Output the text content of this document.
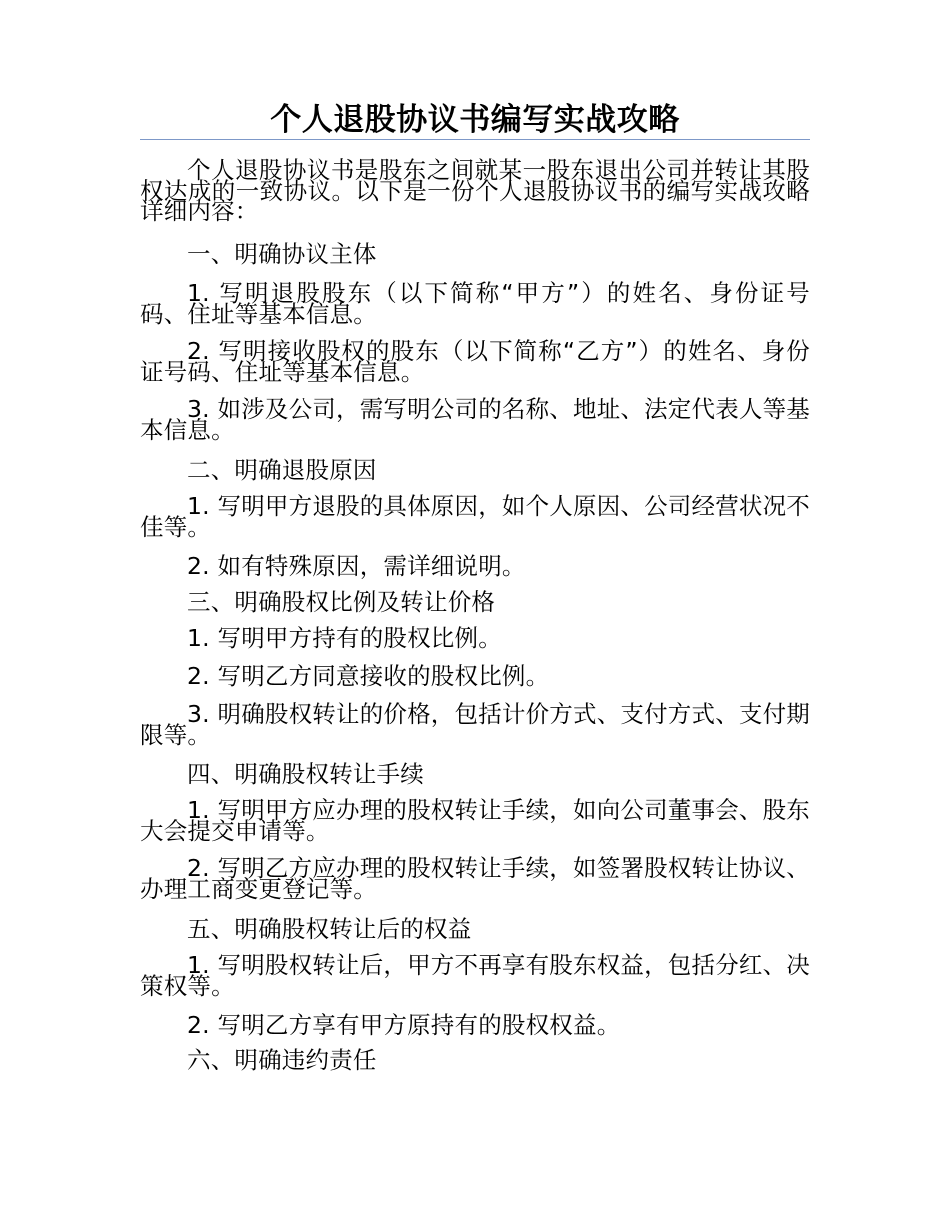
个人退股协议书编写实战攻略
个人退股协议书是股东之间就某一股东退出公司并转让其股权达成的一致协议。以下是一份个人退股协议书的编写实战攻略详细内容：
一、明确协议主体
1. 写明退股股东（以下简称“甲方”）的姓名、身份证号码、住址等基本信息。
2. 写明接收股权的股东（以下简称“乙方”）的姓名、身份证号码、住址等基本信息。
3. 如涉及公司，需写明公司的名称、地址、法定代表人等基本信息。
二、明确退股原因
1. 写明甲方退股的具体原因，如个人原因、公司经营状况不佳等。
2. 如有特殊原因，需详细说明。
三、明确股权比例及转让价格
1. 写明甲方持有的股权比例。
2. 写明乙方同意接收的股权比例。
3. 明确股权转让的价格，包括计价方式、支付方式、支付期限等。
四、明确股权转让手续
1. 写明甲方应办理的股权转让手续，如向公司董事会、股东大会提交申请等。
2. 写明乙方应办理的股权转让手续，如签署股权转让协议、办理工商变更登记等。
五、明确股权转让后的权益
1. 写明股权转让后，甲方不再享有股东权益，包括分红、决策权等。
2. 写明乙方享有甲方原持有的股权权益。
六、明确违约责任
